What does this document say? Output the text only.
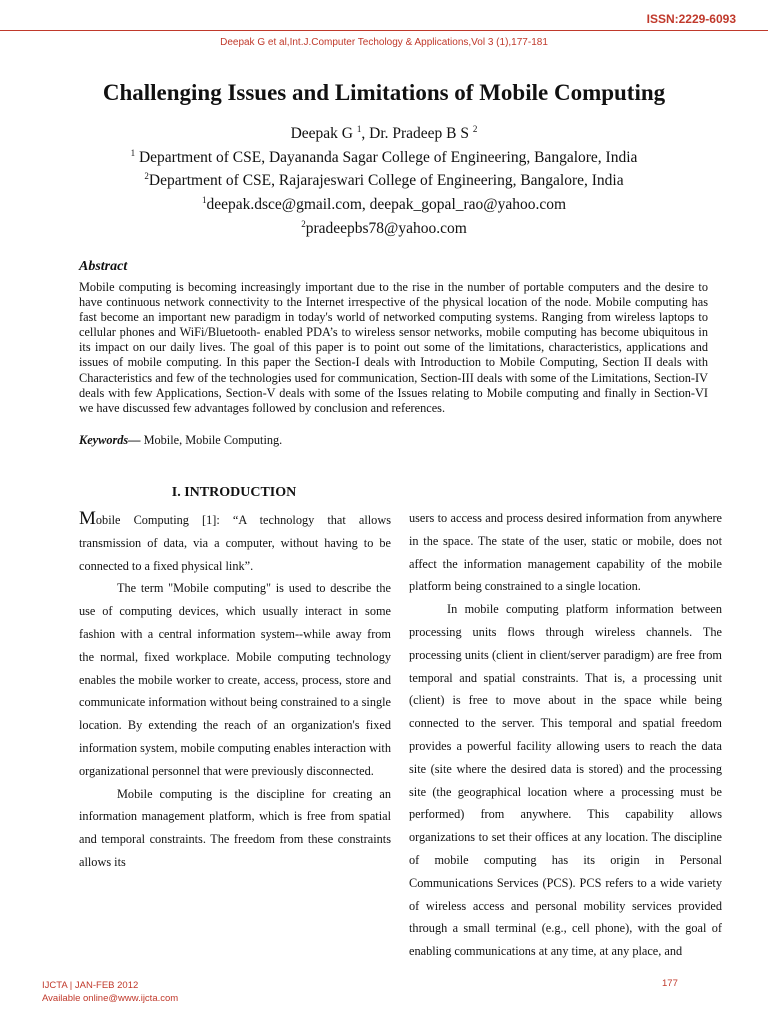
ISSN:2229-6093
Deepak G et al,Int.J.Computer Techology & Applications,Vol 3 (1),177-181
Challenging Issues and Limitations of Mobile Computing
Deepak G $^1$, Dr. Pradeep B S $^2$
$^1$ Department of CSE, Dayananda Sagar College of Engineering, Bangalore, India
$^2$Department of CSE, Rajarajeswari College of Engineering, Bangalore, India
$^1$deepak.dsce@gmail.com, deepak_gopal_rao@yahoo.com
$^2$pradeepbs78@yahoo.com
Abstract

Mobile computing is becoming increasingly important due to the rise in the number of portable computers and the desire to have continuous network connectivity to the Internet irrespective of the physical location of the node. Mobile computing has fast become an important new paradigm in today's world of networked computing systems. Ranging from wireless laptops to cellular phones and WiFi/Bluetooth- enabled PDA’s to wireless sensor networks, mobile computing has become ubiquitous in its impact on our daily lives. The goal of this paper is to point out some of the limitations, characteristics, applications and issues of mobile computing. In this paper the Section-I deals with Introduction to Mobile Computing, Section II deals with Characteristics and few of the technologies used for communication, Section-III deals with some of the Limitations, Section-IV deals with few Applications, Section-V deals with some of the Issues relating to Mobile computing and finally in Section-VI we have discussed few advantages followed by conclusion and references.

Keywords— Mobile, Mobile Computing.
I. INTRODUCTION

Mobile Computing [1]: “A technology that allows transmission of data, via a computer, without having to be connected to a fixed physical link”.

The term "Mobile computing" is used to describe the use of computing devices, which usually interact in some fashion with a central information system--while away from the normal, fixed workplace. Mobile computing technology enables the mobile worker to create, access, process, store and communicate information without being constrained to a single location. By extending the reach of an organization's fixed information system, mobile computing enables interaction with organizational personnel that were previously disconnected.

Mobile computing is the discipline for creating an information management platform, which is free from spatial and temporal constraints. The freedom from these constraints allows its

users to access and process desired information from anywhere in the space. The state of the user, static or mobile, does not affect the information management capability of the mobile platform being constrained to a single location.

In mobile computing platform information between processing units flows through wireless channels. The processing units (client in client/server paradigm) are free from temporal and spatial constraints. That is, a processing unit (client) is free to move about in the space while being connected to the server. This temporal and spatial freedom provides a powerful facility allowing users to reach the data site (site where the desired data is stored) and the processing site (the geographical location where a processing must be performed) from anywhere. This capability allows organizations to set their offices at any location. The discipline of mobile computing has its origin in Personal Communications Services (PCS). PCS refers to a wide variety of wireless access and personal mobility services provided through a small terminal (e.g., cell phone), with the goal of enabling communications at any time, at any place, and

IJCTA | JAN-FEB 2012
Available online@www.ijcta.com
177
